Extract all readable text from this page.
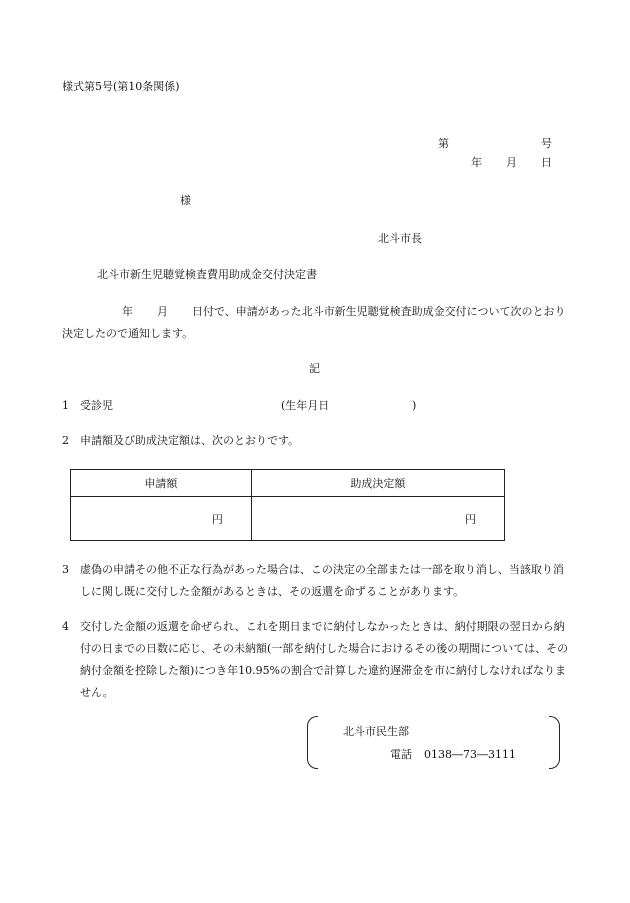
様式第5号(第10条関係)
第	号
年 月 日
様
北斗市長
北斗市新生児聴覚検査費用助成金交付決定書
年 月 日付で、申請があった北斗市新生児聴覚検査助成金交付について次のとおり決定したので通知します。
記
1 受診児	(生年月日	)
2 申請額及び助成決定額は、次のとおりです。
申請額	助成決定額
円	円
3 虚偽の申請その他不正な行為があった場合は、この決定の全部または一部を取り消し、当該取り消しに関し既に交付した金額があるときは、その返還を命ずることがあります。
4 交付した金額の返還を命ぜられ、これを期日までに納付しなかったときは、納付期限の翌日から納付の日までの日数に応じ、その未納額(一部を納付した場合におけるその後の期間については、その納付金額を控除した額)につき年10.95%の割合で計算した違約遅滞金を市に納付しなければなりません。
北斗市民生部
電話 0138―73―3111
